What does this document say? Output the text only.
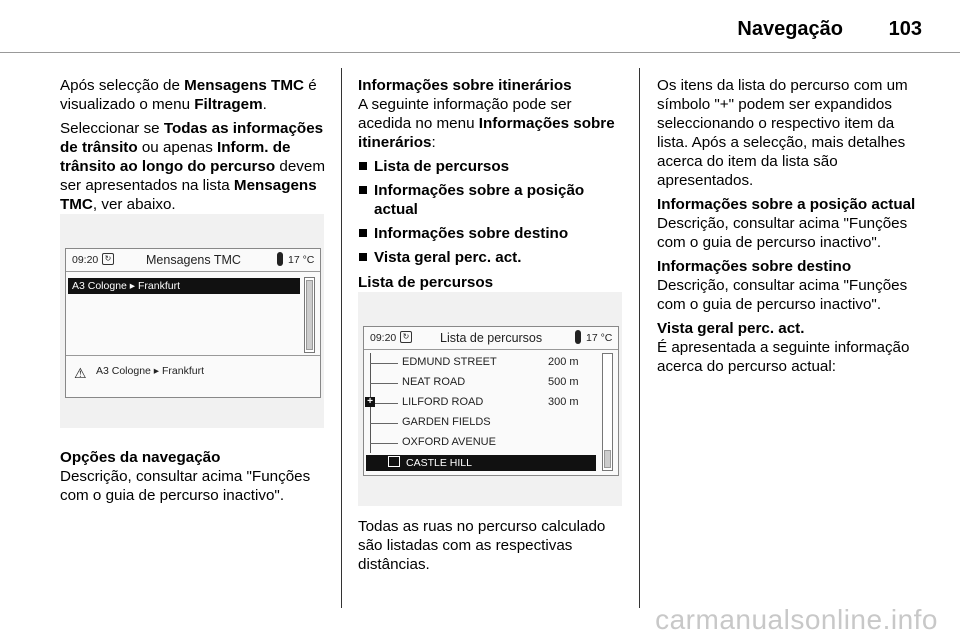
Navegação 103

Após selecção de Mensagens TMC é visualizado o menu Filtragem.

Seleccionar se Todas as informações de trânsito ou apenas Inform. de trânsito ao longo do percurso devem ser apresentados na lista Mensagens TMC, ver abaixo.

09:20 ↻	Mensagens TMC	17 °C
A3 Cologne ▸ Frankfurt
⚠ A3 Cologne ▸ Frankfurt

Opções da navegação

Descrição, consultar acima "Funções com o guia de percurso inactivo".

Informações sobre itinerários

A seguinte informação pode ser acedida no menu Informações sobre itinerários:

Lista de percursos
Informações sobre a posição actual
Informações sobre destino
Vista geral perc. act.

Lista de percursos

09:20 ↻ Lista de percursos	17 °C
EDMUND STREET	200 m
NEAT ROAD	500 m
+	LILFORD ROAD	300 m
GARDEN FIELDS
OXFORD AVENUE
CASTLE HILL

Todas as ruas no percurso calculado são listadas com as respectivas distâncias.

Os itens da lista do percurso com um símbolo "+" podem ser expandidos seleccionando o respectivo item da lista. Após a selecção, mais detalhes acerca do item da lista são apresentados.

Informações sobre a posição actual

Descrição, consultar acima "Funções com o guia de percurso inactivo".

Informações sobre destino

Descrição, consultar acima "Funções com o guia de percurso inactivo".

Vista geral perc. act.

É apresentada a seguinte informação acerca do percurso actual:

carmanualsonline.info
